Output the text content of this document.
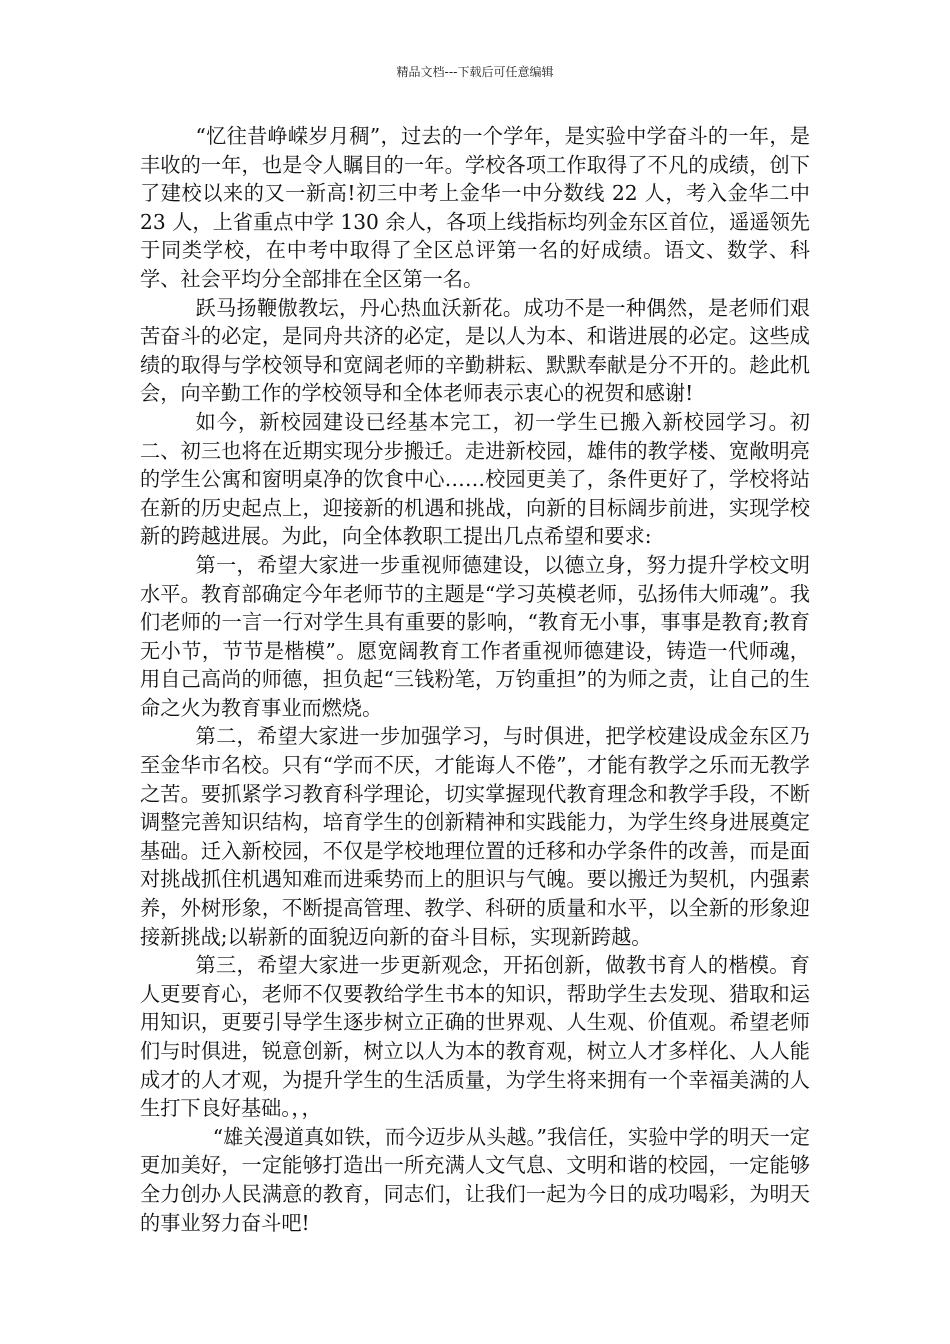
精品文档---下载后可任意编辑

“忆往昔峥嵘岁月稠”，过去的一个学年，是实验中学奋斗的一年，是丰收的一年，也是令人瞩目的一年。学校各项工作取得了不凡的成绩，创下了建校以来的又一新高!初三中考上金华一中分数线 22 人，考入金华二中 23 人，上省重点中学 130 余人，各项上线指标均列金东区首位，遥遥领先于同类学校，在中考中取得了全区总评第一名的好成绩。语文、数学、科学、社会平均分全部排在全区第一名。

跃马扬鞭傲教坛，丹心热血沃新花。成功不是一种偶然，是老师们艰苦奋斗的必定，是同舟共济的必定，是以人为本、和谐进展的必定。这些成绩的取得与学校领导和宽阔老师的辛勤耕耘、默默奉献是分不开的。趁此机会，向辛勤工作的学校领导和全体老师表示衷心的祝贺和感谢!

如今，新校园建设已经基本完工，初一学生已搬入新校园学习。初二、初三也将在近期实现分步搬迁。走进新校园，雄伟的教学楼、宽敞明亮的学生公寓和窗明桌净的饮食中心……校园更美了，条件更好了，学校将站在新的历史起点上，迎接新的机遇和挑战，向新的目标阔步前进，实现学校新的跨越进展。为此，向全体教职工提出几点希望和要求:

第一，希望大家进一步重视师德建设，以德立身，努力提升学校文明水平。教育部确定今年老师节的主题是“学习英模老师，弘扬伟大师魂”。我们老师的一言一行对学生具有重要的影响，“教育无小事，事事是教育;教育无小节，节节是楷模”。愿宽阔教育工作者重视师德建设，铸造一代师魂，用自己高尚的师德，担负起“三钱粉笔，万钧重担”的为师之责，让自己的生命之火为教育事业而燃烧。

第二，希望大家进一步加强学习，与时俱进，把学校建设成金东区乃至金华市名校。只有“学而不厌，才能诲人不倦”，才能有教学之乐而无教学之苦。要抓紧学习教育科学理论，切实掌握现代教育理念和教学手段，不断调整完善知识结构，培育学生的创新精神和实践能力，为学生终身进展奠定基础。迁入新校园，不仅是学校地理位置的迁移和办学条件的改善，而是面对挑战抓住机遇知难而进乘势而上的胆识与气魄。要以搬迁为契机，内强素养，外树形象，不断提高管理、教学、科研的质量和水平，以全新的形象迎接新挑战;以崭新的面貌迈向新的奋斗目标，实现新跨越。

第三，希望大家进一步更新观念，开拓创新，做教书育人的楷模。育人更要育心，老师不仅要教给学生书本的知识，帮助学生去发现、猎取和运用知识，更要引导学生逐步树立正确的世界观、人生观、价值观。希望老师们与时俱进，锐意创新，树立以人为本的教育观，树立人才多样化、人人能成才的人才观，为提升学生的生活质量，为学生将来拥有一个幸福美满的人生打下良好基础。，，

“雄关漫道真如铁，而今迈步从头越。”我信任，实验中学的明天一定更加美好，一定能够打造出一所充满人文气息、文明和谐的校园，一定能够全力创办人民满意的教育，同志们，让我们一起为今日的成功喝彩，为明天的事业努力奋斗吧!
